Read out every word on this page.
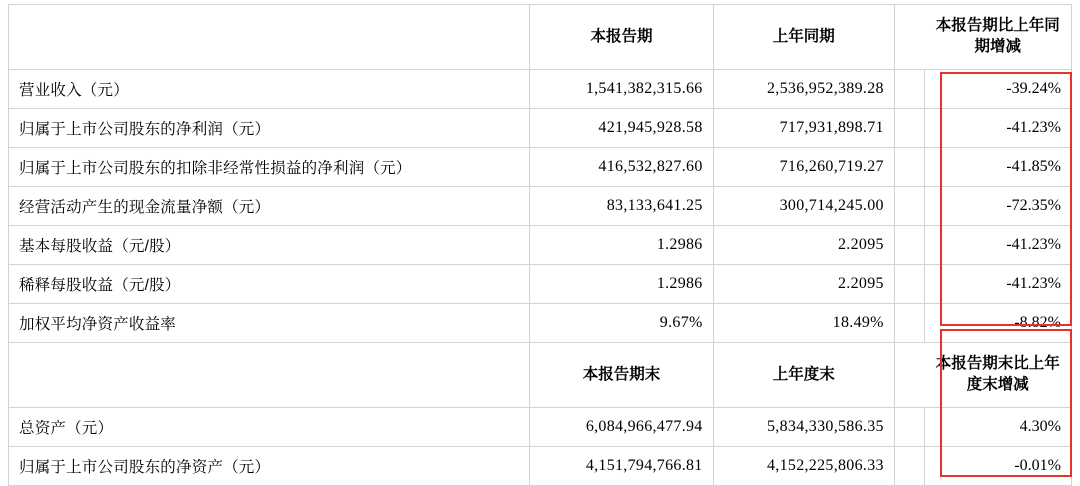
	本报告期	上年同期		本报告期比上年同期增减
营业收入（元）	1,541,382,315.66	2,536,952,389.28		-39.24%
归属于上市公司股东的净利润（元）	421,945,928.58	717,931,898.71		-41.23%
归属于上市公司股东的扣除非经常性损益的净利润（元）	416,532,827.60	716,260,719.27		-41.85%
经营活动产生的现金流量净额（元）	83,133,641.25	300,714,245.00		-72.35%
基本每股收益（元/股）	1.2986	2.2095		-41.23%
稀释每股收益（元/股）	1.2986	2.2095		-41.23%
加权平均净资产收益率	9.67%	18.49%		-8.82%
	本报告期末	上年度末		本报告期末比上年度末增减
总资产（元）	6,084,966,477.94	5,834,330,586.35		4.30%
归属于上市公司股东的净资产（元）	4,151,794,766.81	4,152,225,806.33		-0.01%
